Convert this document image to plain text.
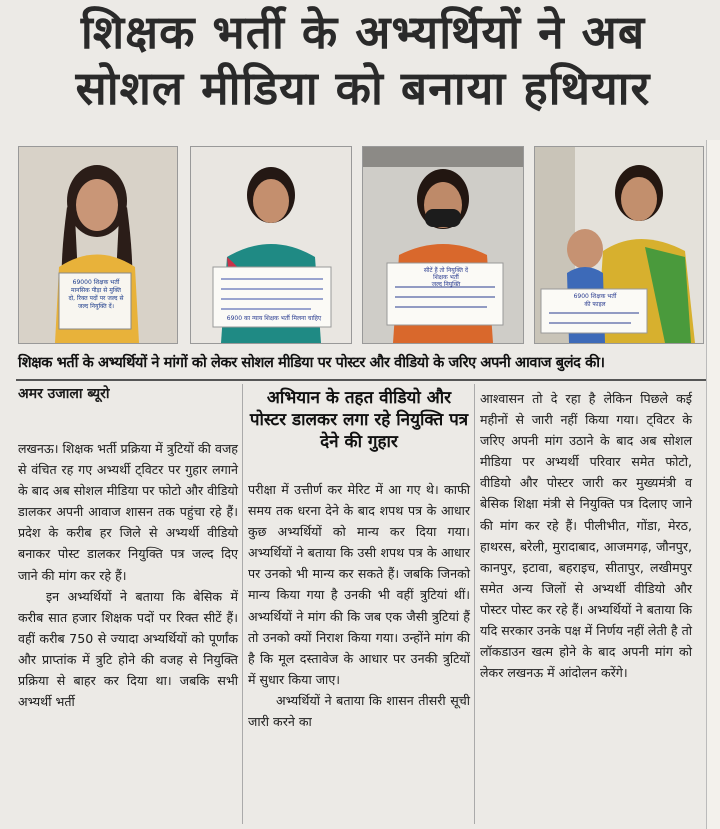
शिक्षक भर्ती के अभ्यर्थियों ने अब
सोशल मीडिया को बनाया हथियार
69000 शिक्षक भर्ती
मानसिक पीड़ा से मुक्ति
दो, रिक्त पदों पर जल्द से
जल्द नियुक्ति दें।
6900 का न्याय शिक्षक भर्ती मिलना चाहिए
सीटें हैं तो नियुक्ति दें
शिक्षक भर्ती
जल्द नियुक्ति
6900 शिक्षक भर्ती
की फाइल
शिक्षक भर्ती के अभ्यर्थियों ने मांगों को लेकर सोशल मीडिया पर पोस्टर और वीडियो के जरिए अपनी आवाज बुलंद की।
अमर उजाला ब्यूरो

लखनऊ। शिक्षक भर्ती प्रक्रिया में त्रुटियों की वजह से वंचित रह गए अभ्यर्थी ट्विटर पर गुहार लगाने के बाद अब सोशल मीडिया पर फोटो और वीडियो डालकर अपनी आवाज शासन तक पहुंचा रहे हैं। प्रदेश के करीब हर जिले से अभ्यर्थी वीडियो बनाकर पोस्ट डालकर नियुक्ति पत्र जल्द दिए जाने की मांग कर रहे हैं।

इन अभ्यर्थियों ने बताया कि बेसिक में करीब सात हजार शिक्षक पदों पर रिक्त सीटें हैं। वहीं करीब 750 से ज्यादा अभ्यर्थियों को पूर्णांक और प्राप्तांक में त्रुटि होने की वजह से नियुक्ति प्रक्रिया से बाहर कर दिया था। जबकि सभी अभ्यर्थी भर्ती

अभियान के तहत वीडियो और पोस्टर डालकर लगा रहे नियुक्ति पत्र देने की गुहार

परीक्षा में उत्तीर्ण कर मेरिट में आ गए थे। काफी समय तक धरना देने के बाद शपथ पत्र के आधार कुछ अभ्यर्थियों को मान्य कर दिया गया। अभ्यर्थियों ने बताया कि उसी शपथ पत्र के आधार पर उनको भी मान्य कर सकते हैं। जबकि जिनको मान्य किया गया है उनकी भी वहीं त्रुटियां थीं। अभ्यर्थियों ने मांग की कि जब एक जैसी त्रुटियां हैं तो उनको क्यों निराश किया गया। उन्होंने मांग की है कि मूल दस्तावेज के आधार पर उनकी त्रुटियों में सुधार किया जाए।

अभ्यर्थियों ने बताया कि शासन तीसरी सूची जारी करने का

आश्वासन तो दे रहा है लेकिन पिछले कई महीनों से जारी नहीं किया गया। ट्विटर के जरिए अपनी मांग उठाने के बाद अब सोशल मीडिया पर अभ्यर्थी परिवार समेत फोटो, वीडियो और पोस्टर जारी कर मुख्यमंत्री व बेसिक शिक्षा मंत्री से नियुक्ति पत्र दिलाए जाने की मांग कर रहे हैं। पीलीभीत, गोंडा, मेरठ, हाथरस, बरेली, मुरादाबाद, आजमगढ़, जौनपुर, कानपुर, इटावा, बहराइच, सीतापुर, लखीमपुर समेत अन्य जिलों से अभ्यर्थी वीडियो और पोस्टर पोस्ट कर रहे हैं। अभ्यर्थियों ने बताया कि यदि सरकार उनके पक्ष में निर्णय नहीं लेती है तो लॉकडाउन खत्म होने के बाद अपनी मांग को लेकर लखनऊ में आंदोलन करेंगे।
